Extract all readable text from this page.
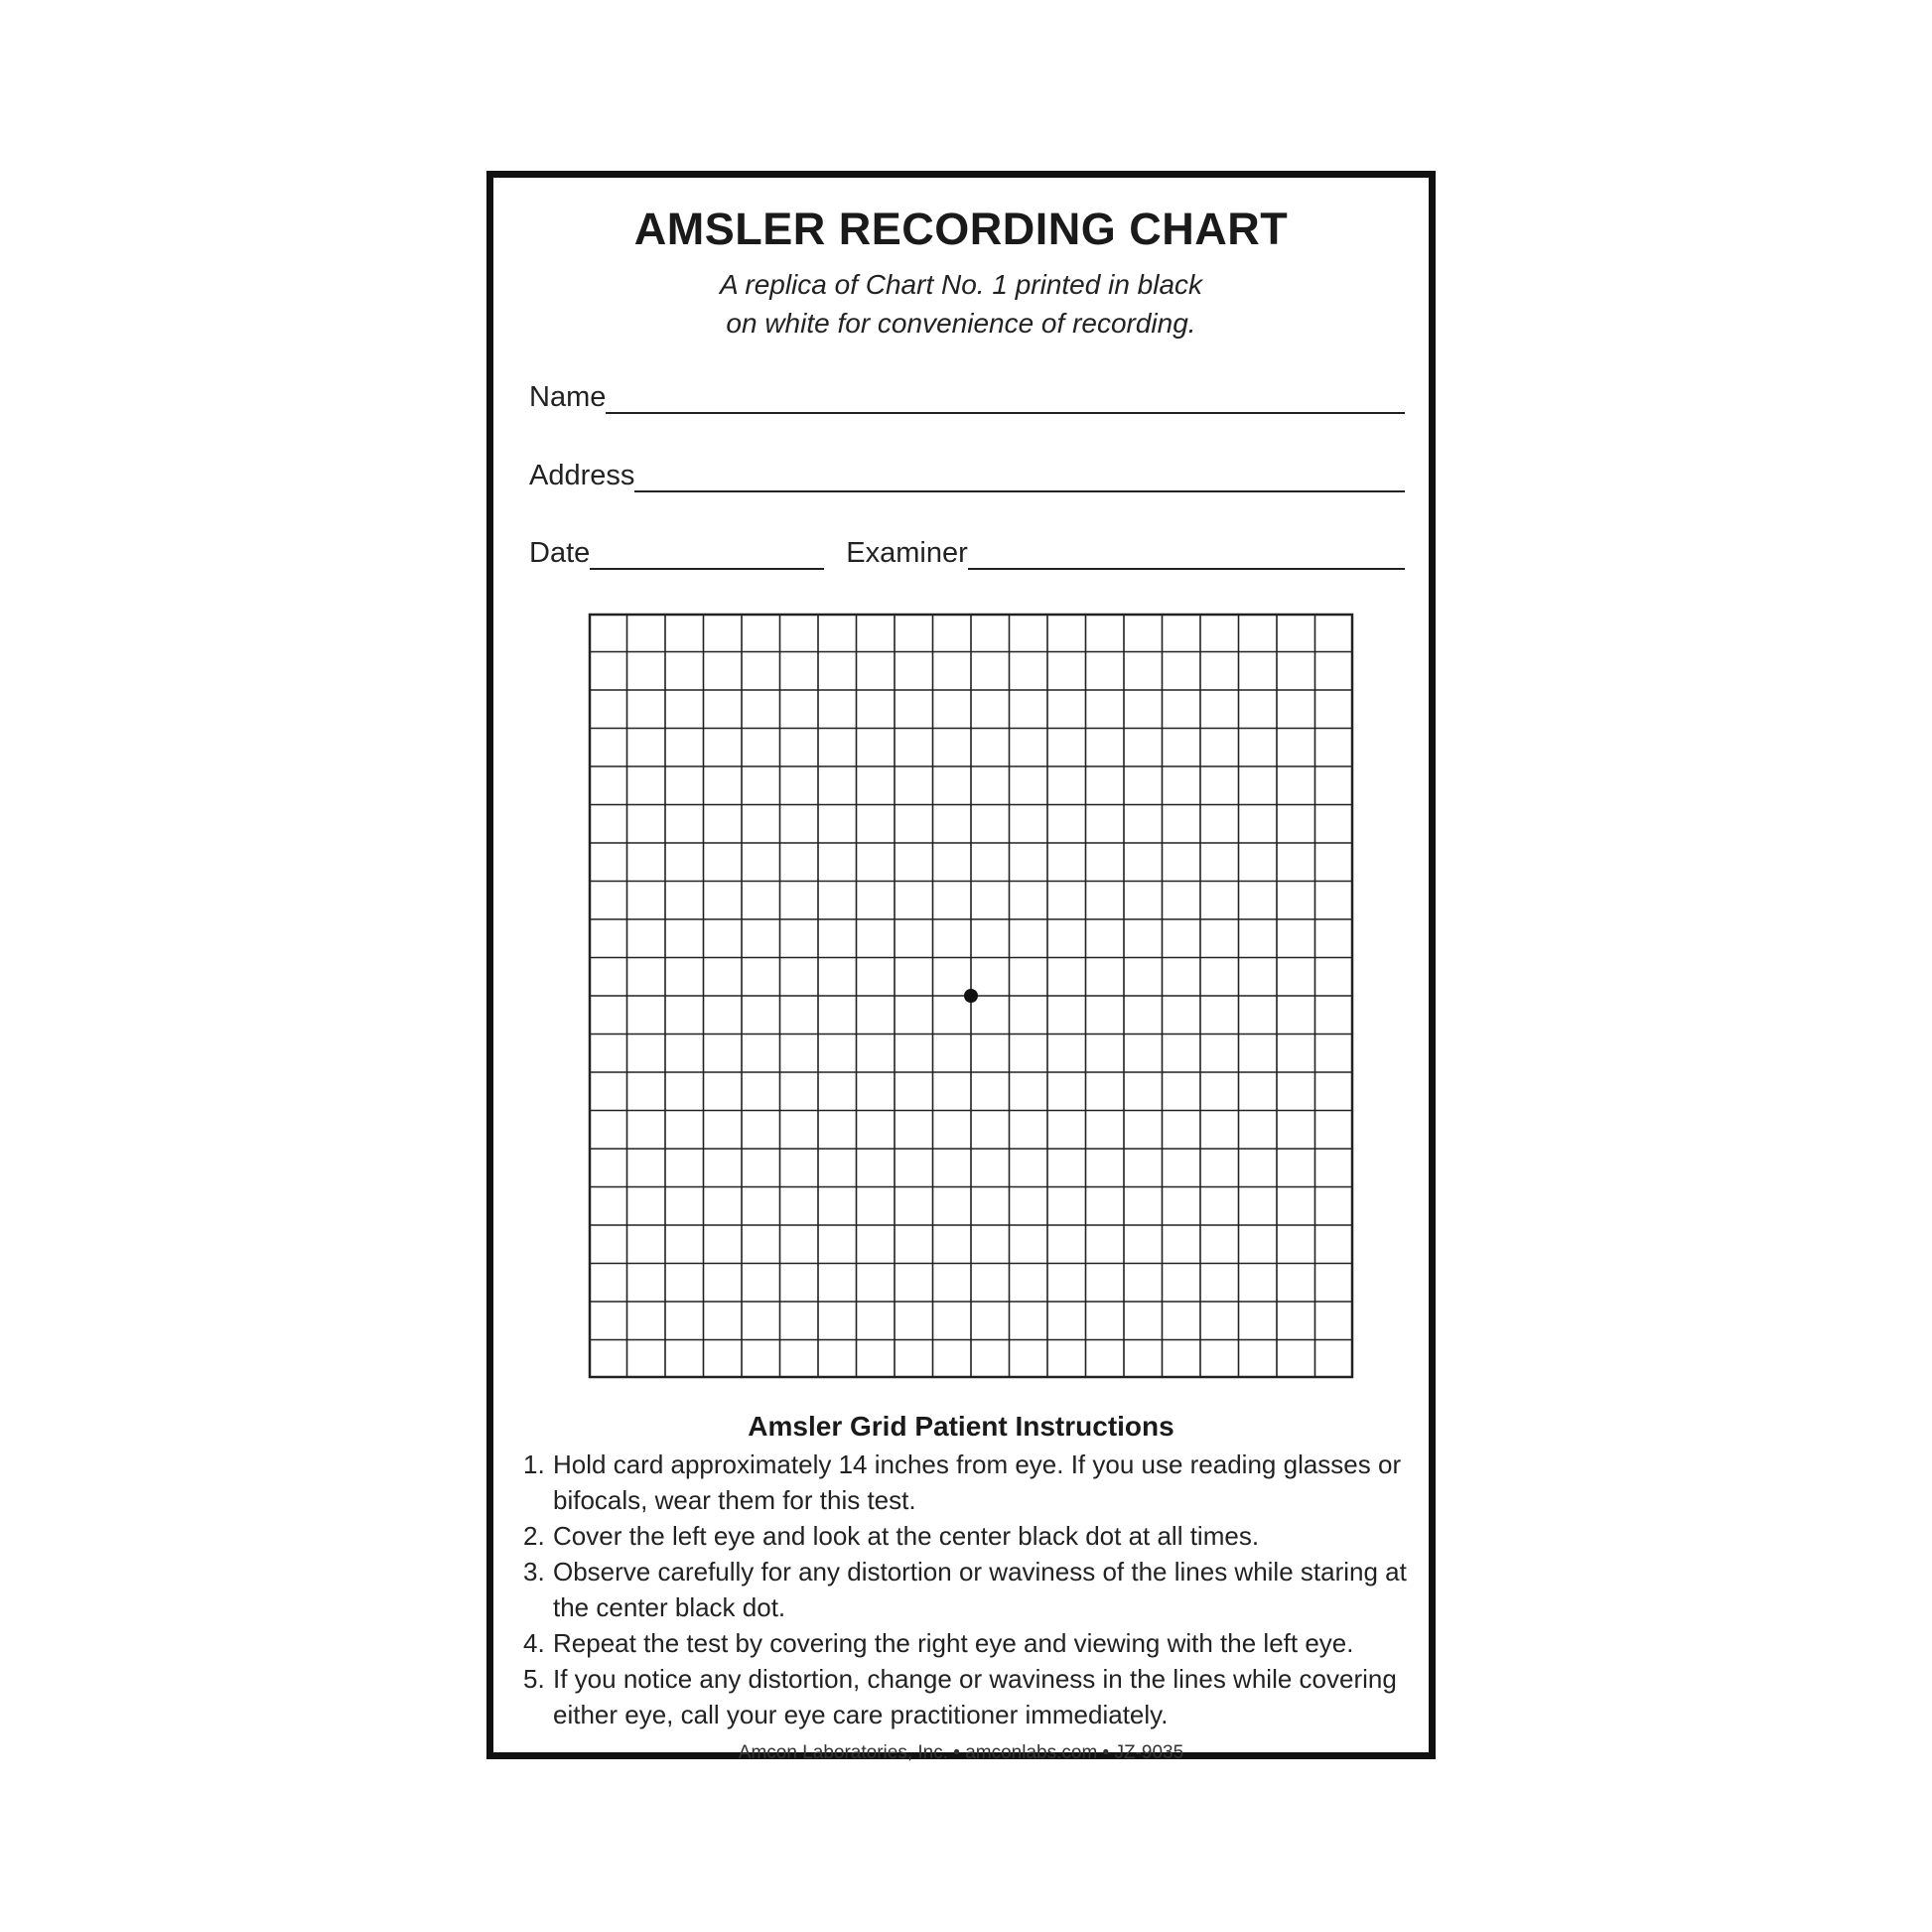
AMSLER RECORDING CHART
A replica of Chart No. 1 printed in black
on white for convenience of recording.
Name
Address
Date	Examiner
Amsler Grid Patient Instructions
1. Hold card approximately 14 inches from eye. If you use reading glasses or bifocals, wear them for this test.
2. Cover the left eye and look at the center black dot at all times.
3. Observe carefully for any distortion or waviness of the lines while staring at the center black dot.
4. Repeat the test by covering the right eye and viewing with the left eye.
5. If you notice any distortion, change or waviness in the lines while covering either eye, call your eye care practitioner immediately.
Amcon Laboratories, Inc. • amconlabs.com • JZ-9035
